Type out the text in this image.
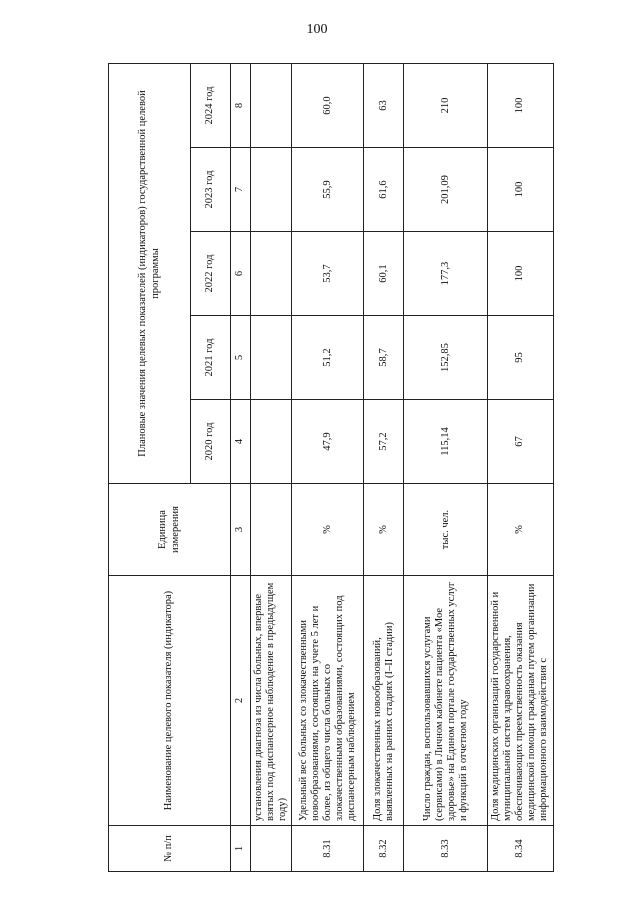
100
№ п/п	Наименование целевого показателя (индикатора)	Единица измерения	Плановые значения целевых показателей (индикаторов) государственной целевой программы				
			2020 год	2021 год	2022 год	2023 год	2024 год
1	2	3	4	5	6	7	8
	установления диагноза из числа больных, впервые взятых под диспансерное наблюдение в предыдущем году)						
8.31	Удельный вес больных со злокачественными новообразованиями, состоящих на учете 5 лет и более, из общего числа больных со злокачественными образованиями, состоящих под диспансерным наблюдением	%	47,9	51,2	53,7	55,9	60,0
8.32	Доля злокачественных новообразований, выявленных на ранних стадиях (I–II стадии)	%	57,2	58,7	60,1	61,6	63
8.33	Число граждан, воспользовавшихся услугами (сервисами) в Личном кабинете пациента «Мое здоровье» на Едином портале государственных услуг и функций в отчетном году	тыс. чел.	115,14	152,85	177,3	201,09	210
8.34	Доля медицинских организаций государственной и муниципальной систем здравоохранения, обеспечивающих преемственность оказания медицинской помощи гражданам путем организации информационного взаимодействия с	%	67	95	100	100	100
